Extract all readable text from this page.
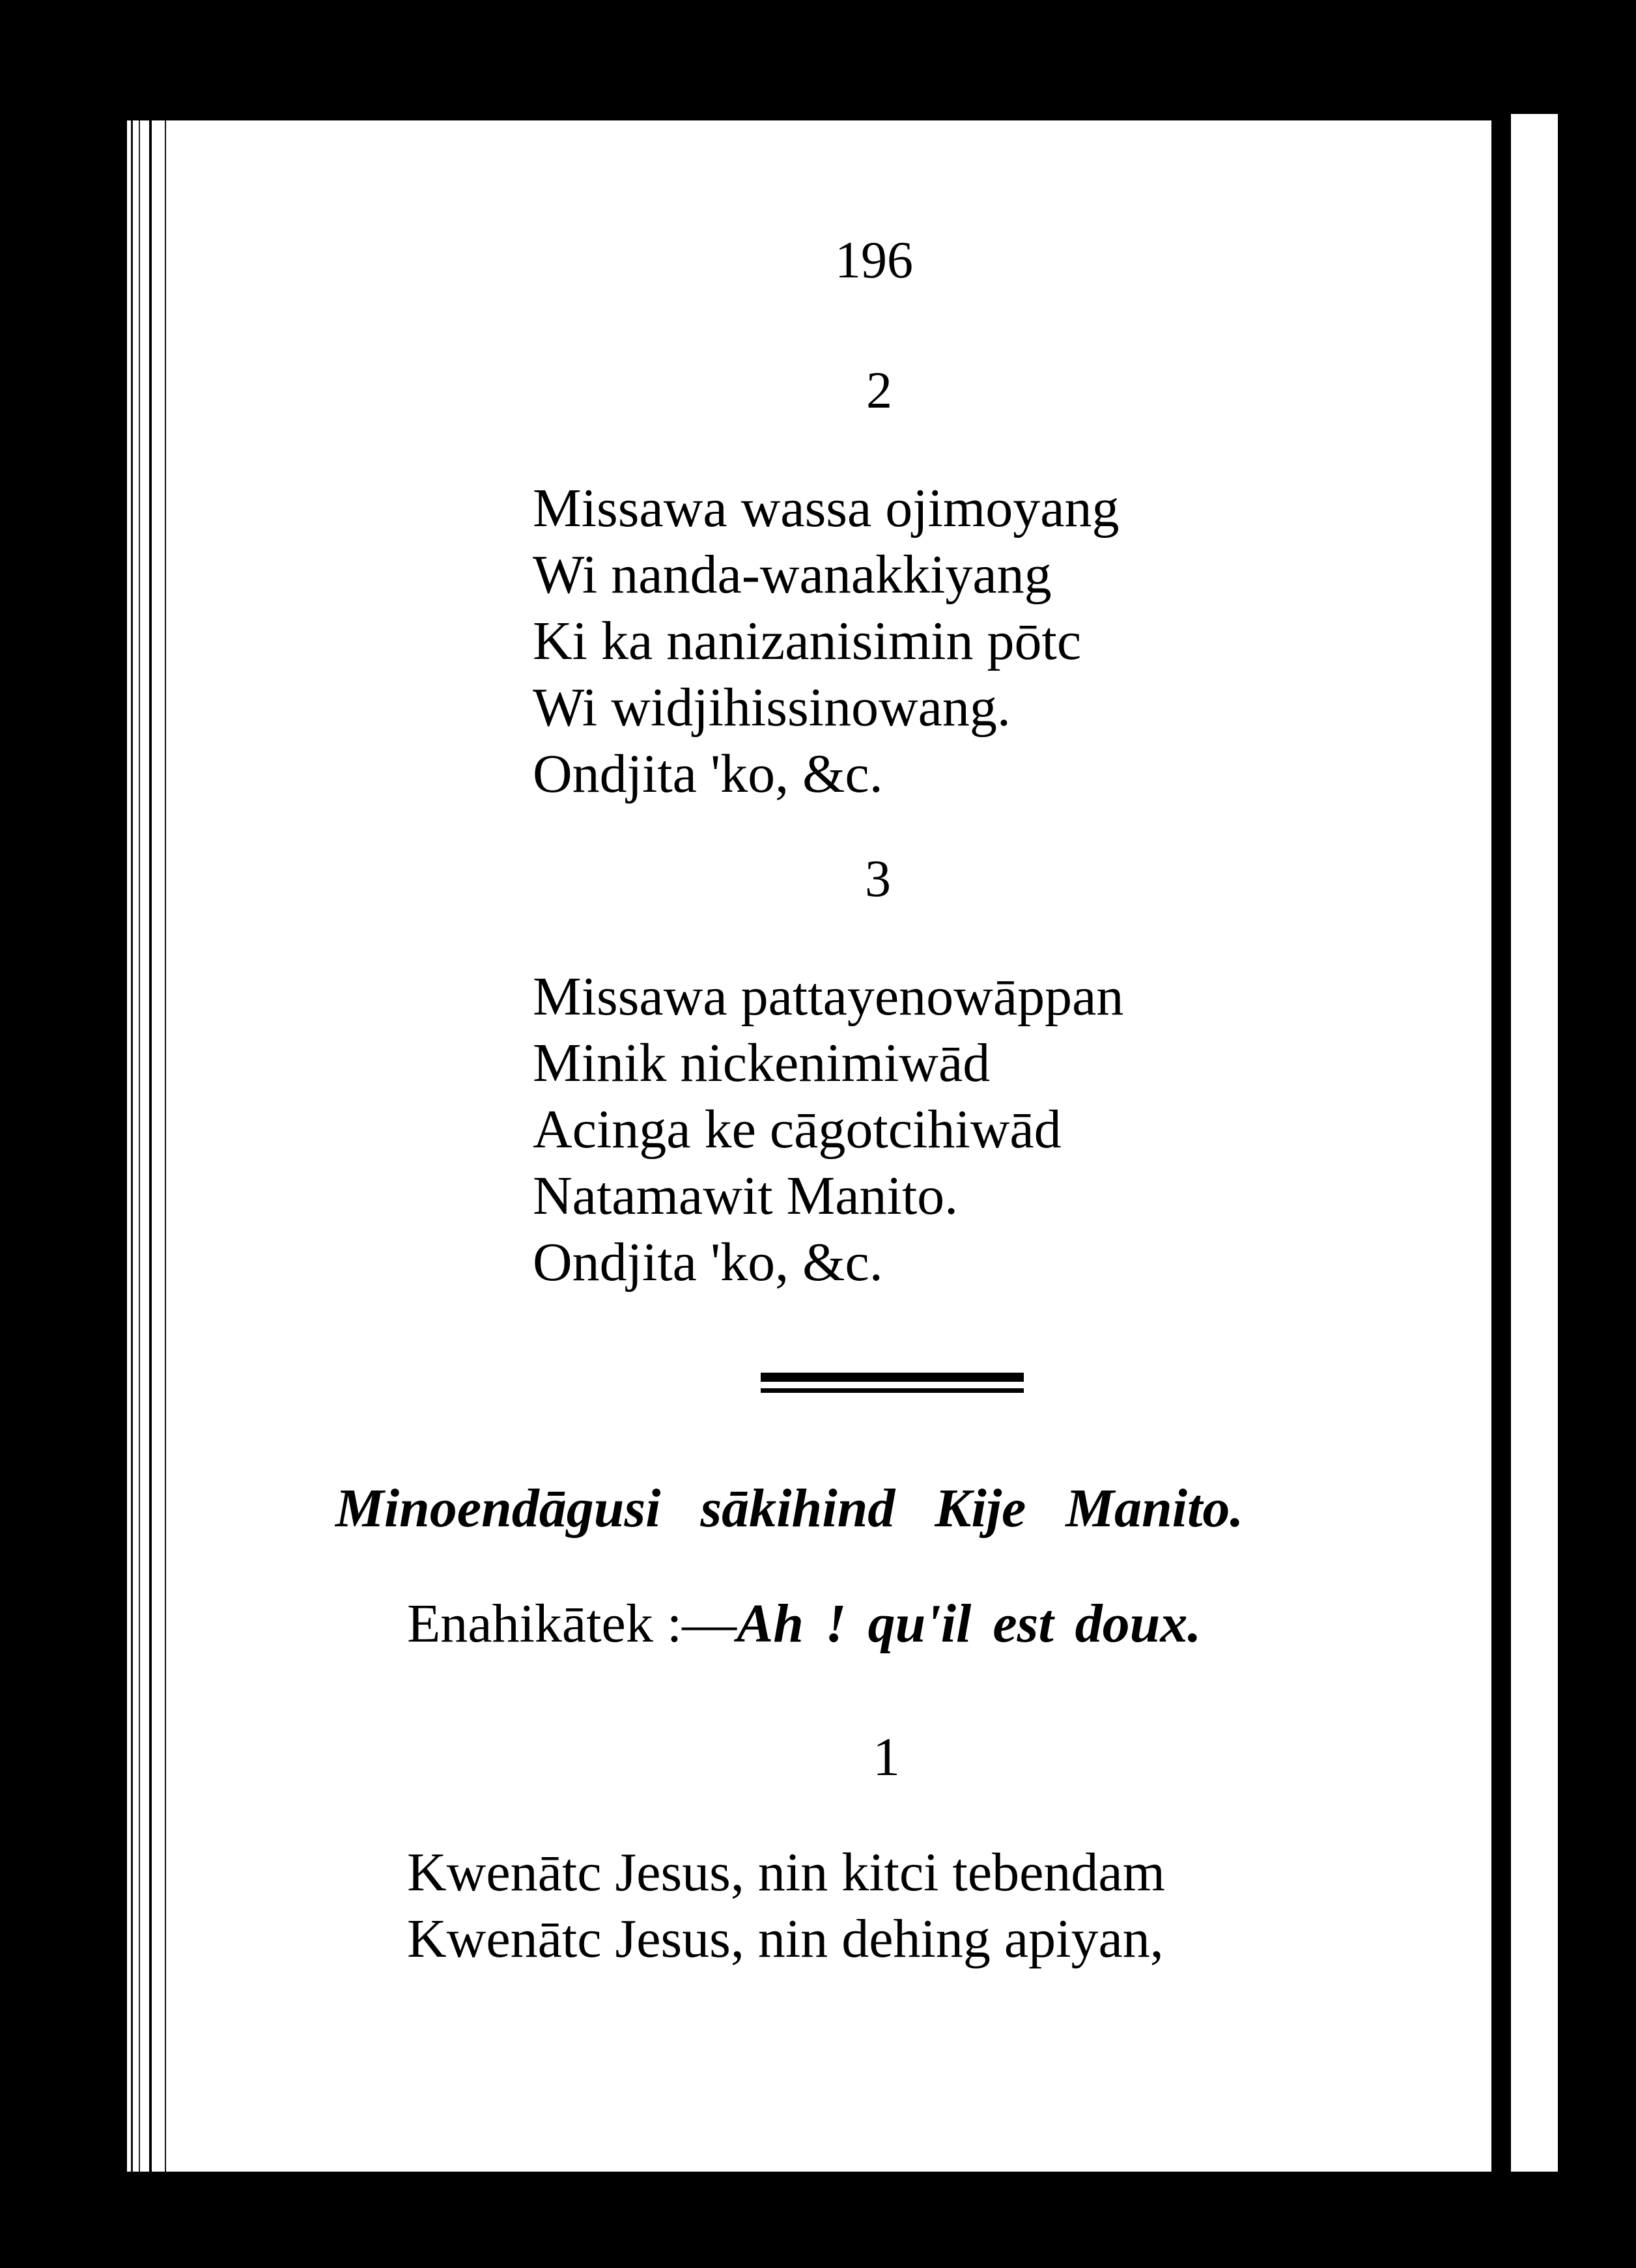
196
2
Missawa wassa ojimoyang
Wi nanda-wanakkiyang
Ki ka nanizanisimin pōtc
Wi widjihissinowang.
Ondjita 'ko, &c.
3
Missawa pattayenowāppan
Minik nickenimiwād
Acinga ke cāgotcihiwād
Natamawit Manito.
Ondjita 'ko, &c.
Minoendāgusi sākihind Kije Manito.
Enahikātek :—Ah ! qu'il est doux.
1
Kwenātc Jesus, nin kitci tebendam
Kwenātc Jesus, nin dehing apiyan,
